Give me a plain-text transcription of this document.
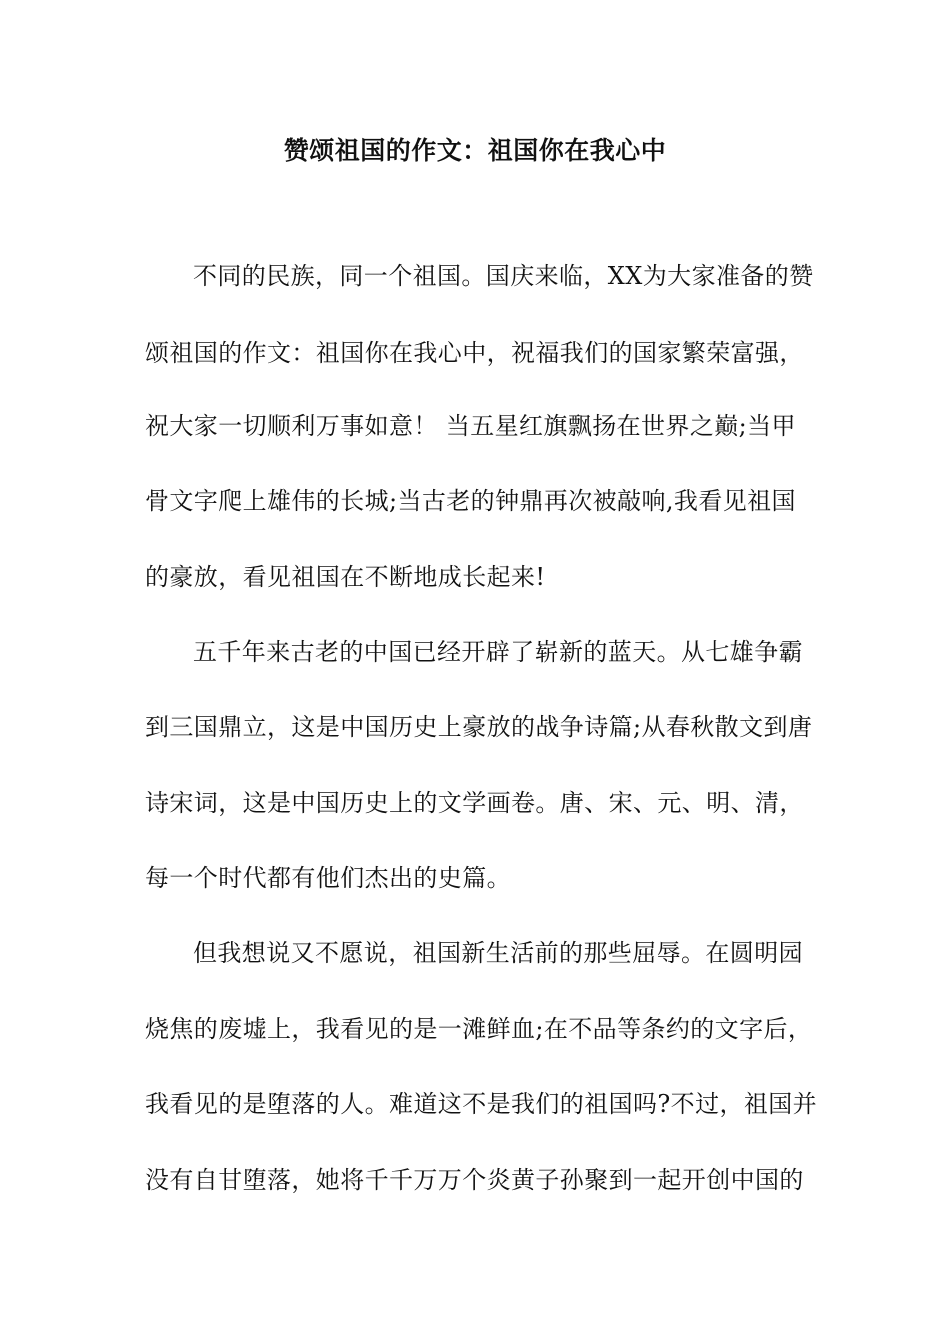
赞颂祖国的作文：祖国你在我心中
不同的民族，同一个祖国。国庆来临，XX为大家准备的赞
颂祖国的作文：祖国你在我心中，祝福我们的国家繁荣富强，
祝大家一切顺利万事如意！ 当五星红旗飘扬在世界之巅;当甲
骨文字爬上雄伟的长城;当古老的钟鼎再次被敲响,我看见祖国
的豪放，看见祖国在不断地成长起来!
五千年来古老的中国已经开辟了崭新的蓝天。从七雄争霸
到三国鼎立，这是中国历史上豪放的战争诗篇;从春秋散文到唐
诗宋词，这是中国历史上的文学画卷。唐、宋、元、明、清，
每一个时代都有他们杰出的史篇。
但我想说又不愿说，祖国新生活前的那些屈辱。在圆明园
烧焦的废墟上，我看见的是一滩鲜血;在不品等条约的文字后，
我看见的是堕落的人。难道这不是我们的祖国吗?不过，祖国并
没有自甘堕落，她将千千万万个炎黄子孙聚到一起开创中国的
